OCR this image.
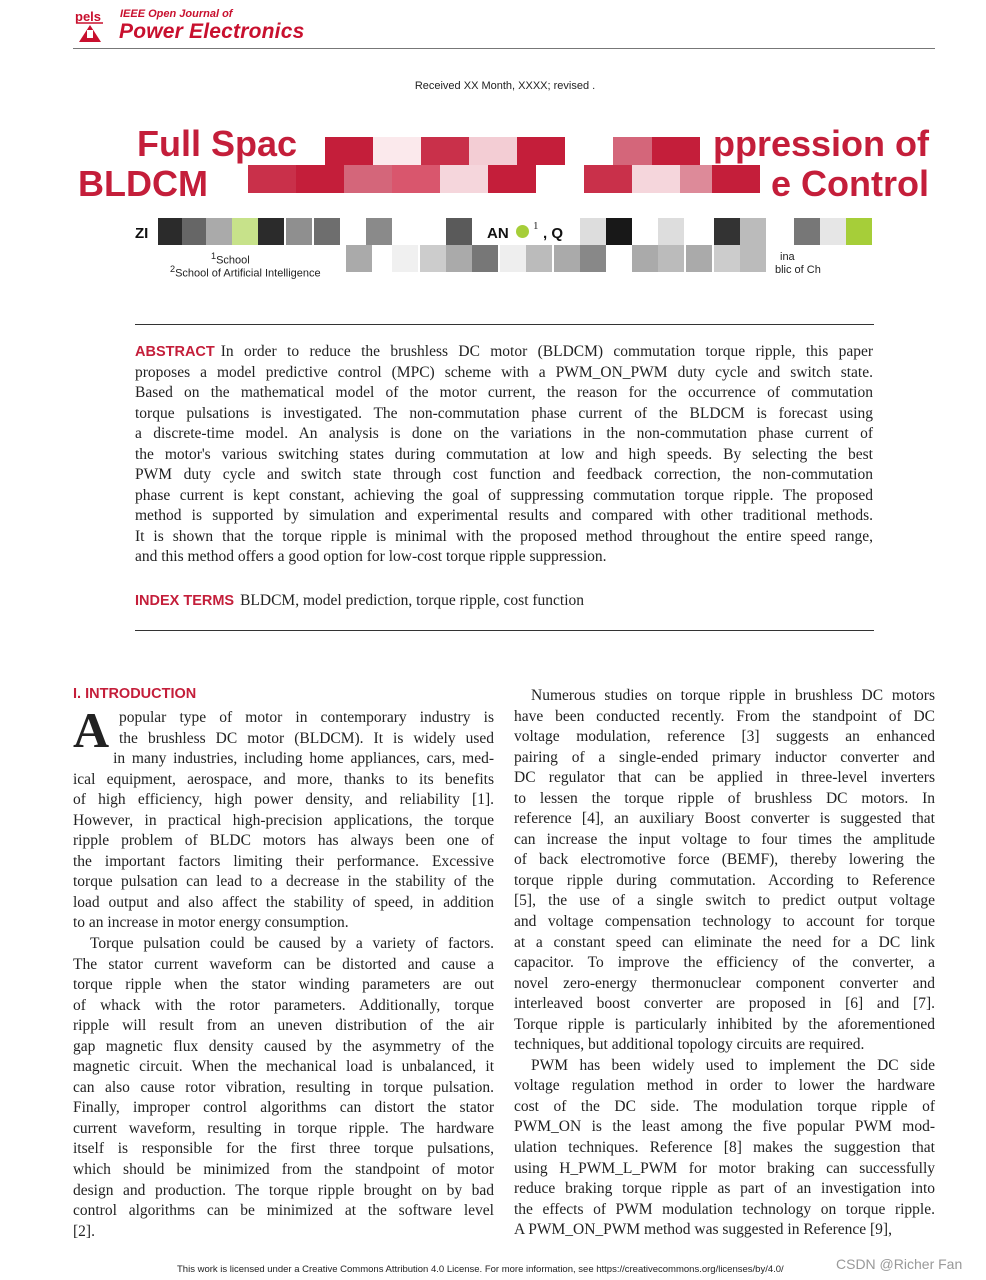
pels IEEE Open Journal of
Power Electronics
Received XX Month, XXXX; revised .
Full Spac	ppression of
BLDCM	e Control
ZI	AN 1 , Q
$^1$School
$^2$School of Artificial Intelligence
ina
blic of Ch
ABSTRACT In order to reduce the brushless DC motor (BLDCM) commutation torque ripple, this paper
proposes a model predictive control (MPC) scheme with a PWM_ON_PWM duty cycle and switch state.
Based on the mathematical model of the motor current, the reason for the occurrence of commutation
torque pulsations is investigated. The non-commutation phase current of the BLDCM is forecast using
a discrete-time model. An analysis is done on the variations in the non-commutation phase current of
the motor's various switching states during commutation at low and high speeds. By selecting the best
PWM duty cycle and switch state through cost function and feedback correction, the non-commutation
phase current is kept constant, achieving the goal of suppressing commutation torque ripple. The proposed
method is supported by simulation and experimental results and compared with other traditional methods.
It is shown that the torque ripple is minimal with the proposed method throughout the entire speed range,
and this method offers a good option for low-cost torque ripple suppression.
INDEX TERMS BLDCM, model prediction, torque ripple, cost function
I. INTRODUCTION
A popular type of motor in contemporary industry is
the brushless DC motor (BLDCM). It is widely used
in many industries, including home appliances, cars, med-
ical equipment, aerospace, and more, thanks to its benefits
of high efficiency, high power density, and reliability [1].
However, in practical high-precision applications, the torque
ripple problem of BLDC motors has always been one of
the important factors limiting their performance. Excessive
torque pulsation can lead to a decrease in the stability of the
load output and also affect the stability of speed, in addition
to an increase in motor energy consumption.
Torque pulsation could be caused by a variety of factors.
The stator current waveform can be distorted and cause a
torque ripple when the stator winding parameters are out
of whack with the rotor parameters. Additionally, torque
ripple will result from an uneven distribution of the air
gap magnetic flux density caused by the asymmetry of the
magnetic circuit. When the mechanical load is unbalanced, it
can also cause rotor vibration, resulting in torque pulsation.
Finally, improper control algorithms can distort the stator
current waveform, resulting in torque ripple. The hardware
itself is responsible for the first three torque pulsations,
which should be minimized from the standpoint of motor
design and production. The torque ripple brought on by bad
control algorithms can be minimized at the software level
[2].
Numerous studies on torque ripple in brushless DC motors
have been conducted recently. From the standpoint of DC
voltage modulation, reference [3] suggests an enhanced
pairing of a single-ended primary inductor converter and
DC regulator that can be applied in three-level inverters
to lessen the torque ripple of brushless DC motors. In
reference [4], an auxiliary Boost converter is suggested that
can increase the input voltage to four times the amplitude
of back electromotive force (BEMF), thereby lowering the
torque ripple during commutation. According to Reference
[5], the use of a single switch to predict output voltage
and voltage compensation technology to account for torque
at a constant speed can eliminate the need for a DC link
capacitor. To improve the efficiency of the converter, a
novel zero-energy thermonuclear component converter and
interleaved boost converter are proposed in [6] and [7].
Torque ripple is particularly inhibited by the aforementioned
techniques, but additional topology circuits are required.
PWM has been widely used to implement the DC side
voltage regulation method in order to lower the hardware
cost of the DC side. The modulation torque ripple of
PWM_ON is the least among the five popular PWM mod-
ulation techniques. Reference [8] makes the suggestion that
using H_PWM_L_PWM for motor braking can successfully
reduce braking torque ripple as part of an investigation into
the effects of PWM modulation technology on torque ripple.
A PWM_ON_PWM method was suggested in Reference [9],
This work is licensed under a Creative Commons Attribution 4.0 License. For more information, see https://creativecommons.org/licenses/by/4.0/	CSDN @Richer Fan
